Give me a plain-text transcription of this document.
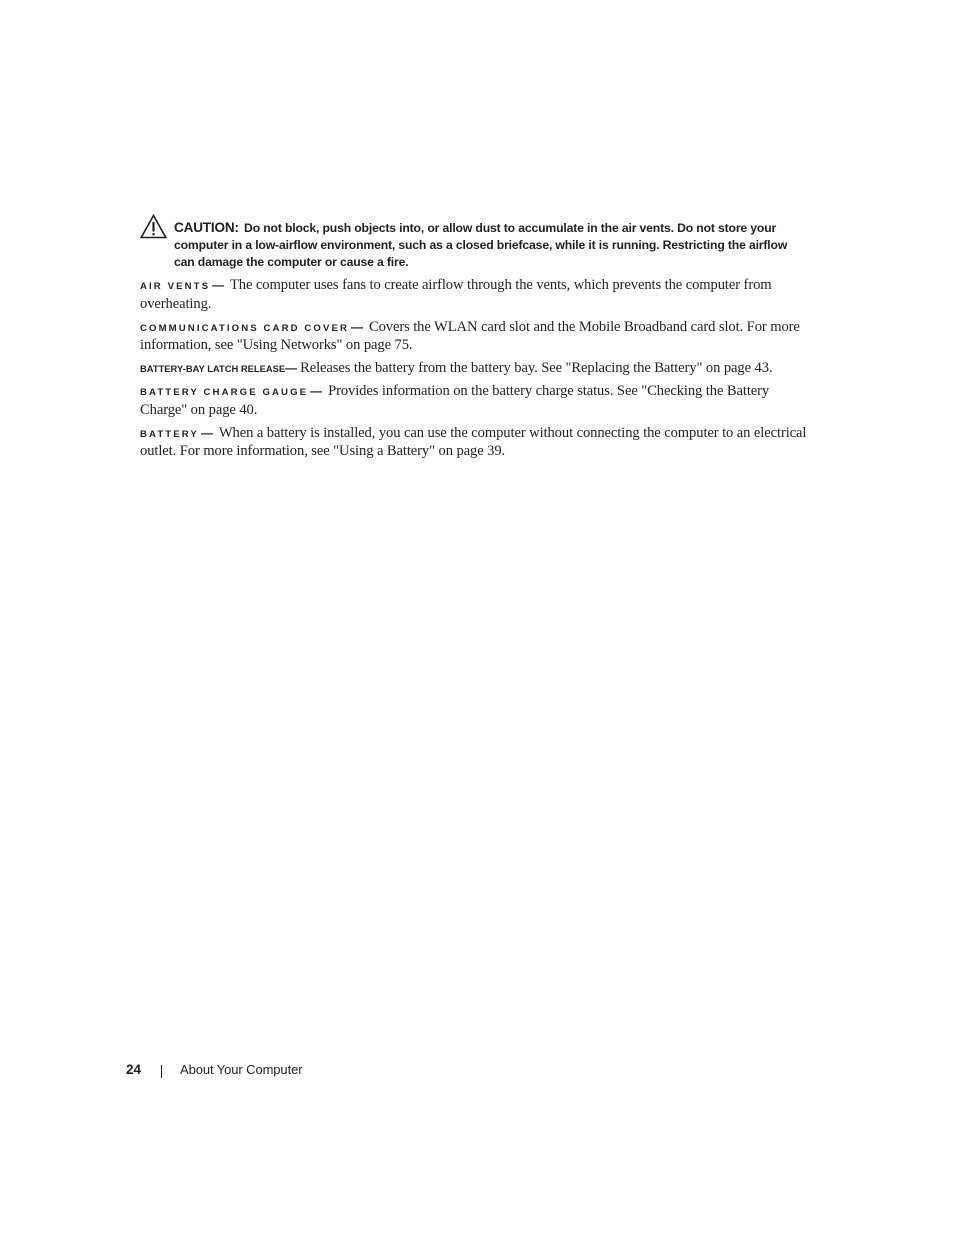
CAUTION: Do not block, push objects into, or allow dust to accumulate in the air vents. Do not store your computer in a low-airflow environment, such as a closed briefcase, while it is running. Restricting the airflow can damage the computer or cause a fire.

AIR VENTS — The computer uses fans to create airflow through the vents, which prevents the computer from overheating.

COMMUNICATIONS CARD COVER — Covers the WLAN card slot and the Mobile Broadband card slot. For more information, see "Using Networks" on page 75.

BATTERY-BAY LATCH RELEASE— Releases the battery from the battery bay. See "Replacing the Battery" on page 43.

BATTERY CHARGE GAUGE — Provides information on the battery charge status. See "Checking the Battery Charge" on page 40.

BATTERY — When a battery is installed, you can use the computer without connecting the computer to an electrical outlet. For more information, see "Using a Battery" on page 39.

24	About Your Computer
